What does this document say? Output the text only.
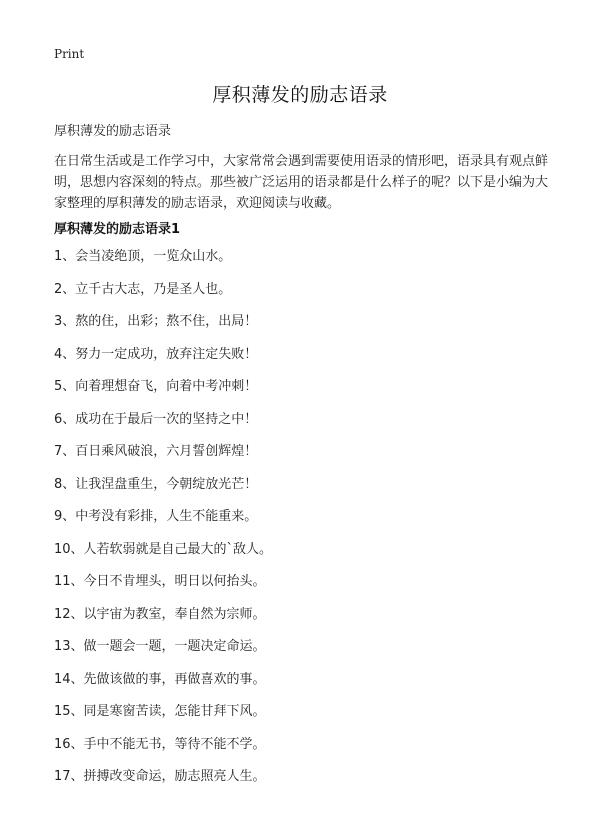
Print
厚积薄发的励志语录
厚积薄发的励志语录

在日常生活或是工作学习中，大家常常会遇到需要使用语录的情形吧，语录具有观点鲜明，思想内容深刻的特点。那些被广泛运用的语录都是什么样子的呢？以下是小编为大家整理的厚积薄发的励志语录，欢迎阅读与收藏。

厚积薄发的励志语录1
1、会当凌绝顶，一览众山水。
2、立千古大志，乃是圣人也。
3、熬的住，出彩；熬不住，出局！
4、努力一定成功，放弃注定失败！
5、向着理想奋飞，向着中考冲刺！
6、成功在于最后一次的坚持之中！
7、百日乘风破浪，六月誓创辉煌！
8、让我涅盘重生，今朝绽放光芒！
9、中考没有彩排，人生不能重来。
10、人若软弱就是自己最大的`敌人。
11、今日不肯埋头，明日以何抬头。
12、以宇宙为教室，奉自然为宗师。
13、做一题会一题，一题决定命运。
14、先做该做的事，再做喜欢的事。
15、同是寒窗苦读，怎能甘拜下风。
16、手中不能无书，等待不能不学。
17、拼搏改变命运，励志照亮人生。
